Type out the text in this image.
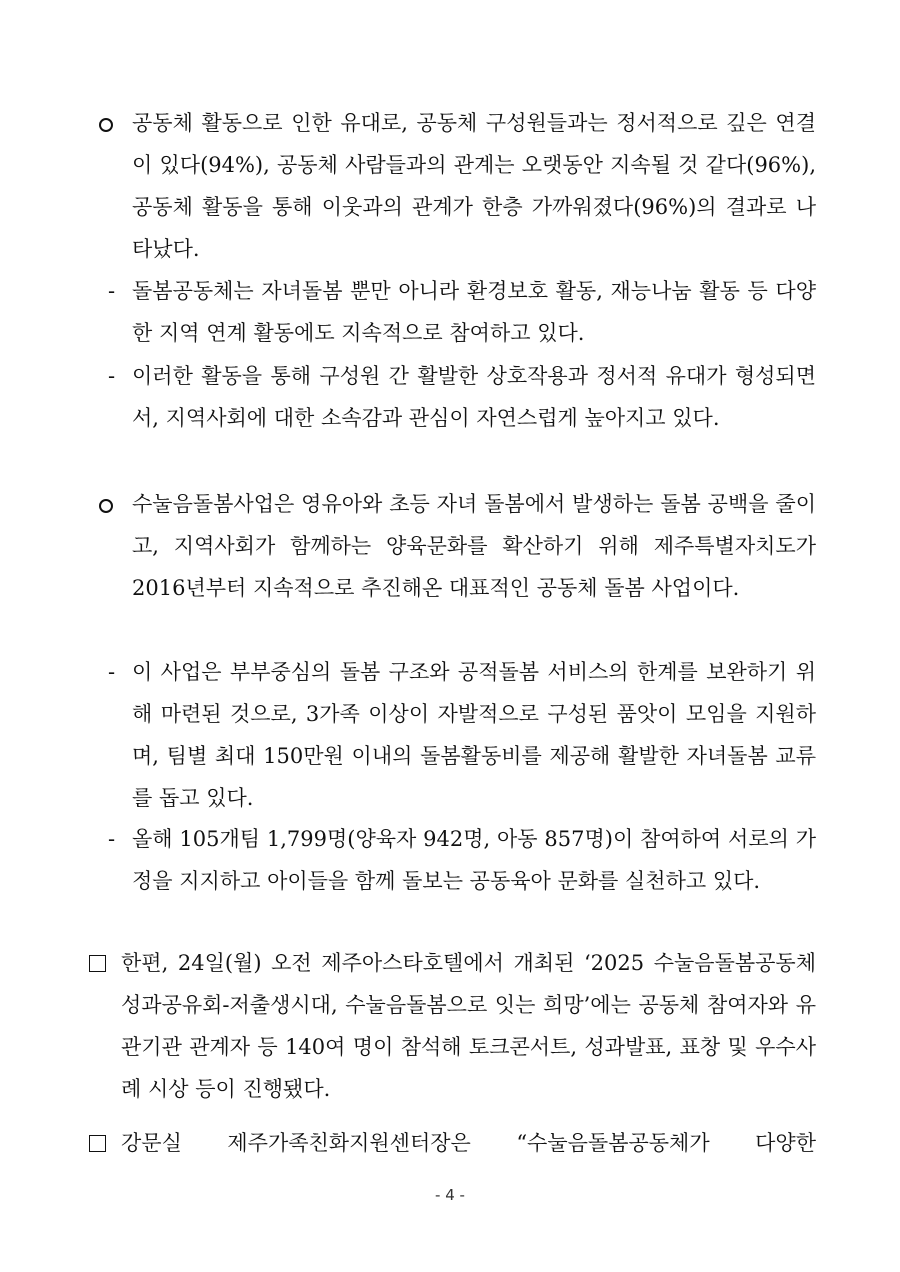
공동체 활동으로 인한 유대로, 공동체 구성원들과는 정서적으로 깊은 연결이 있다(94%), 공동체 사람들과의 관계는 오랫동안 지속될 것 같다(96%), 공동체 활동을 통해 이웃과의 관계가 한층 가까워졌다(96%)의 결과로 나타났다.
- 돌봄공동체는 자녀돌봄 뿐만 아니라 환경보호 활동, 재능나눔 활동 등 다양한 지역 연계 활동에도 지속적으로 참여하고 있다.
- 이러한 활동을 통해 구성원 간 활발한 상호작용과 정서적 유대가 형성되면서, 지역사회에 대한 소속감과 관심이 자연스럽게 높아지고 있다.
수눌음돌봄사업은 영유아와 초등 자녀 돌봄에서 발생하는 돌봄 공백을 줄이고, 지역사회가 함께하는 양육문화를 확산하기 위해 제주특별자치도가 2016년부터 지속적으로 추진해온 대표적인 공동체 돌봄 사업이다.
- 이 사업은 부부중심의 돌봄 구조와 공적돌봄 서비스의 한계를 보완하기 위해 마련된 것으로, 3가족 이상이 자발적으로 구성된 품앗이 모임을 지원하며, 팀별 최대 150만원 이내의 돌봄활동비를 제공해 활발한 자녀돌봄 교류를 돕고 있다.
- 올해 105개팀 1,799명(양육자 942명, 아동 857명)이 참여하여 서로의 가정을 지지하고 아이들을 함께 돌보는 공동육아 문화를 실천하고 있다.
한편, 24일(월) 오전 제주아스타호텔에서 개최된 ‘2025 수눌음돌봄공동체 성과공유회-저출생시대, 수눌음돌봄으로 잇는 희망’에는 공동체 참여자와 유관기관 관계자 등 140여 명이 참석해 토크콘서트, 성과발표, 표창 및 우수사례 시상 등이 진행됐다.
강문실 제주가족친화지원센터장은 “수눌음돌봄공동체가 다양한
- 4 -
